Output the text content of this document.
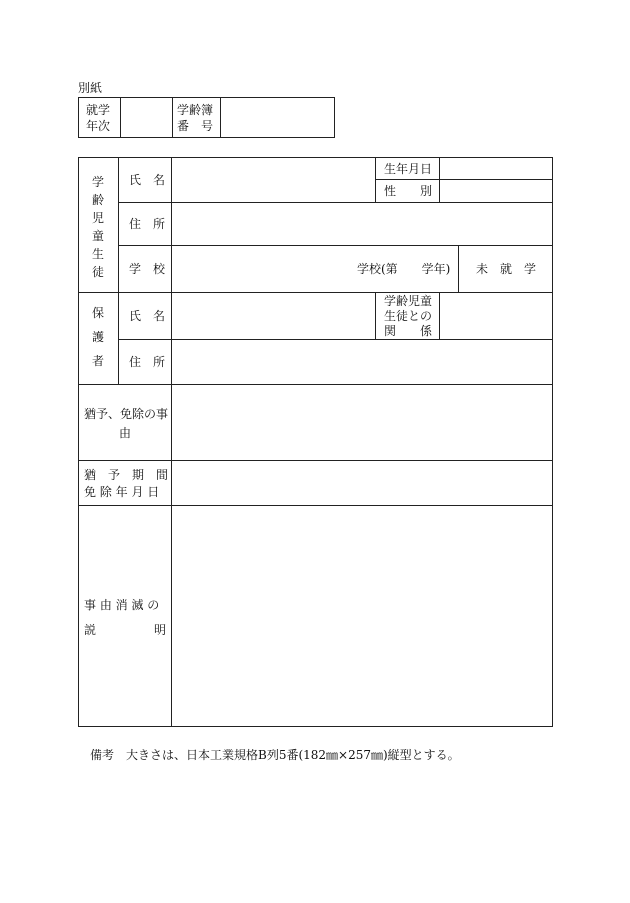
別紙
就学
年次
学齢簿
番　号
学
齢
児
童
生
徒
氏　名
生年月日
性　　別
住　所
学　校	学校(第　　学年) 未　就　学
保
護
者
氏　名
学齢児童
生徒との
関　　係
住　所
猶予、免除の事
由
猶　予　期　間
免 除 年 月 日
事 由 消 滅 の
説	明
備考　大きさは、日本工業規格B列5番(182㎜×257㎜)縦型とする。
